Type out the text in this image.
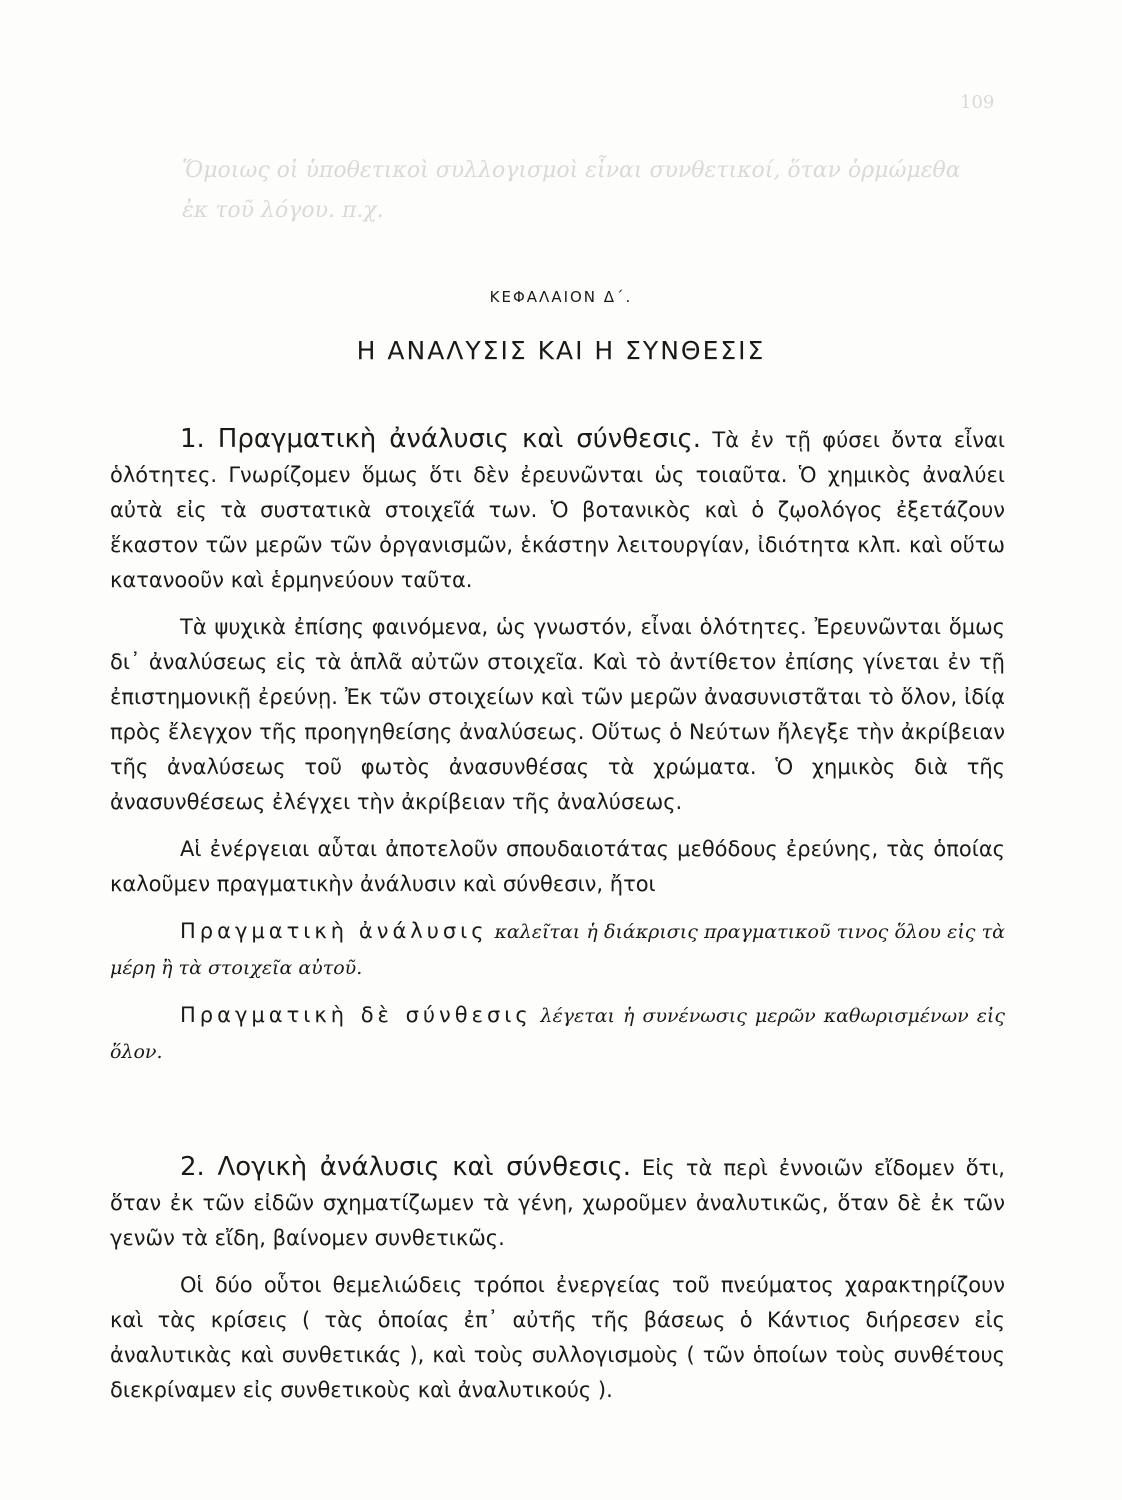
109
Ὅμοιως οἱ ὑποθετικοὶ συλλογισμοὶ εἶναι συνθετικοί, ὅταν ὁρμώμεθα
ἐκ τοῦ λόγου. π.χ.
ΚΕΦΑΛΑΙΟΝ Δ΄.
Η ΑΝΑΛΥΣΙΣ ΚΑΙ Η ΣΥΝΘΕΣΙΣ

1. Πραγματικὴ ἀνάλυσις καὶ σύνθεσις. Τὰ ἐν τῇ φύσει ὄντα εἶναι ὁλότητες. Γνωρίζομεν ὅμως ὅτι δὲν ἐρευνῶνται ὡς τοιαῦτα. Ὁ χημικὸς ἀναλύει αὐτὰ εἰς τὰ συστατικὰ στοιχεῖά των. Ὁ βοτανικὸς καὶ ὁ ζῳολόγος ἐξετάζουν ἕκαστον τῶν μερῶν τῶν ὀργανισμῶν, ἑκάστην λειτουργίαν, ἰδιότητα κλπ. καὶ οὕτω κατανοοῦν καὶ ἑρμηνεύουν ταῦτα.

Τὰ ψυχικὰ ἐπίσης φαινόμενα, ὡς γνωστόν, εἶναι ὁλότητες. Ἐρευνῶνται ὅμως δι᾽ ἀναλύσεως εἰς τὰ ἁπλᾶ αὐτῶν στοιχεῖα. Καὶ τὸ ἀντίθετον ἐπίσης γίνεται ἐν τῇ ἐπιστημονικῇ ἐρεύνῃ. Ἐκ τῶν στοιχείων καὶ τῶν μερῶν ἀνασυνιστᾶται τὸ ὅλον, ἰδίᾳ πρὸς ἔλεγχον τῆς προηγηθείσης ἀναλύσεως. Οὕτως ὁ Νεύτων ἤλεγξε τὴν ἀκρίβειαν τῆς ἀναλύσεως τοῦ φωτὸς ἀνασυνθέσας τὰ χρώματα. Ὁ χημικὸς διὰ τῆς ἀνασυνθέσεως ἐλέγχει τὴν ἀκρίβειαν τῆς ἀναλύσεως.

Αἱ ἐνέργειαι αὗται ἀποτελοῦν σπουδαιοτάτας μεθόδους ἐρεύνης, τὰς ὁποίας καλοῦμεν πραγματικὴν ἀνάλυσιν καὶ σύνθεσιν, ἤτοι

Πραγματικὴ ἀνάλυσις καλεῖται ἡ διάκρισις πραγματικοῦ τινος ὅλου εἰς τὰ μέρη ἢ τὰ στοιχεῖα αὐτοῦ.

Πραγματικὴ δὲ σύνθεσις λέγεται ἡ συνένωσις μερῶν καθωρισμένων εἰς ὅλον.

2. Λογικὴ ἀνάλυσις καὶ σύνθεσις. Εἰς τὰ περὶ ἐννοιῶν εἴδομεν ὅτι, ὅταν ἐκ τῶν εἰδῶν σχηματίζωμεν τὰ γένη, χωροῦμεν ἀναλυτικῶς, ὅταν δὲ ἐκ τῶν γενῶν τὰ εἴδη, βαίνομεν συνθετικῶς.

Οἱ δύο οὗτοι θεμελιώδεις τρόποι ἐνεργείας τοῦ πνεύματος χαρακτηρίζουν καὶ τὰς κρίσεις ( τὰς ὁποίας ἐπ᾽ αὐτῆς τῆς βάσεως ὁ Κάντιος διήρεσεν εἰς ἀναλυτικὰς καὶ συνθετικάς ), καὶ τοὺς συλλογισμοὺς ( τῶν ὁποίων τοὺς συνθέτους διεκρίναμεν εἰς συνθετικοὺς καὶ ἀναλυτικούς ).
